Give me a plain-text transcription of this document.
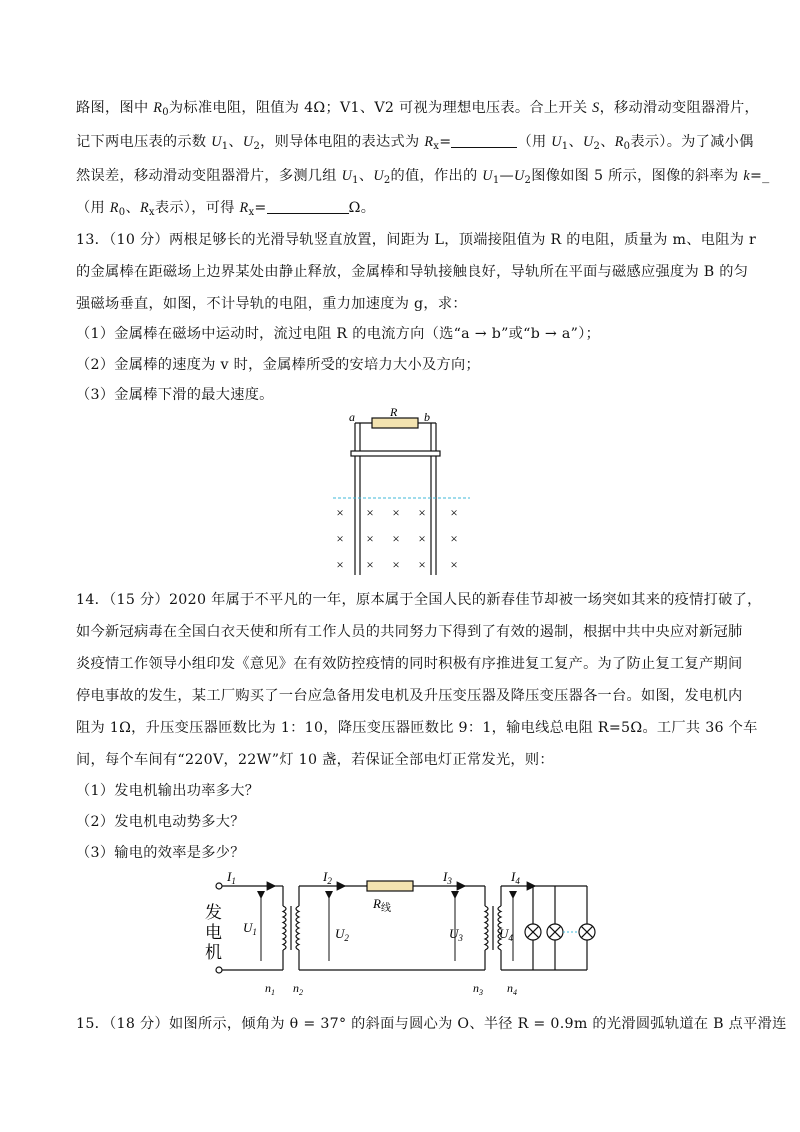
路图，图中 $R_0$为标准电阻，阻值为 4Ω；V1、V2 可视为理想电压表。合上开关 S，移动滑动变阻器滑片，
记下两电压表的示数 $U_1$、$U_2$，则导体电阻的表达式为 $R_x=$	（用 $U_1$、$U_2$、$R_0$表示）。为了减小偶
然误差，移动滑动变阻器滑片，多测几组 $U_1$、$U_2$的值，作出的 $U_1—U_2$图像如图 5 所示，图像的斜率为 k=_
（用 $R_0$、$R_x$表示），可得 $R_x=$	Ω。
13．（10 分）两根足够长的光滑导轨竖直放置，间距为 L，顶端接阻值为 R 的电阻，质量为 m、电阻为 r
的金属棒在距磁场上边界某处由静止释放，金属棒和导轨接触良好，导轨所在平面与磁感应强度为 B 的匀
强磁场垂直，如图，不计导轨的电阻，重力加速度为 g，求：
（1）金属棒在磁场中运动时，流过电阻 R 的电流方向（选“a → b”或“b → a”）；
（2）金属棒的速度为 v 时，金属棒所受的安培力大小及方向；
（3）金属棒下滑的最大速度。
a	R b
× × × × ×
× × × × ×
× × × × ×
14．（15 分）2020 年属于不平凡的一年，原本属于全国人民的新春佳节却被一场突如其来的疫情打破了，
如今新冠病毒在全国白衣天使和所有工作人员的共同努力下得到了有效的遏制，根据中共中央应对新冠肺
炎疫情工作领导小组印发《意见》在有效防控疫情的同时积极有序推进复工复产。为了防止复工复产期间
停电事故的发生，某工厂购买了一台应急备用发电机及升压变压器及降压变压器各一台。如图，发电机内
阻为 1Ω，升压变压器匝数比为 1：10，降压变压器匝数比 9：1，输电线总电阻 R=5Ω。工厂共 36 个车
间，每个车间有“220V，22W”灯 10 盏，若保证全部电灯正常发光，则：
（1）发电机输出功率多大？
（2）发电机电动势多大？
（3）输电的效率是多少？
发
电
机
$I_1$
$U_1$
$n_1$ $n_2$
$R_线$
$I_2$	$I_3$
$U_2$	$U_3$
$n_3$ $n_4$
$I_4$
$U_4$
15．（18 分）如图所示，倾角为 θ = 37° 的斜面与圆心为 O、半径 R = 0.9m 的光滑圆弧轨道在 B 点平滑连
